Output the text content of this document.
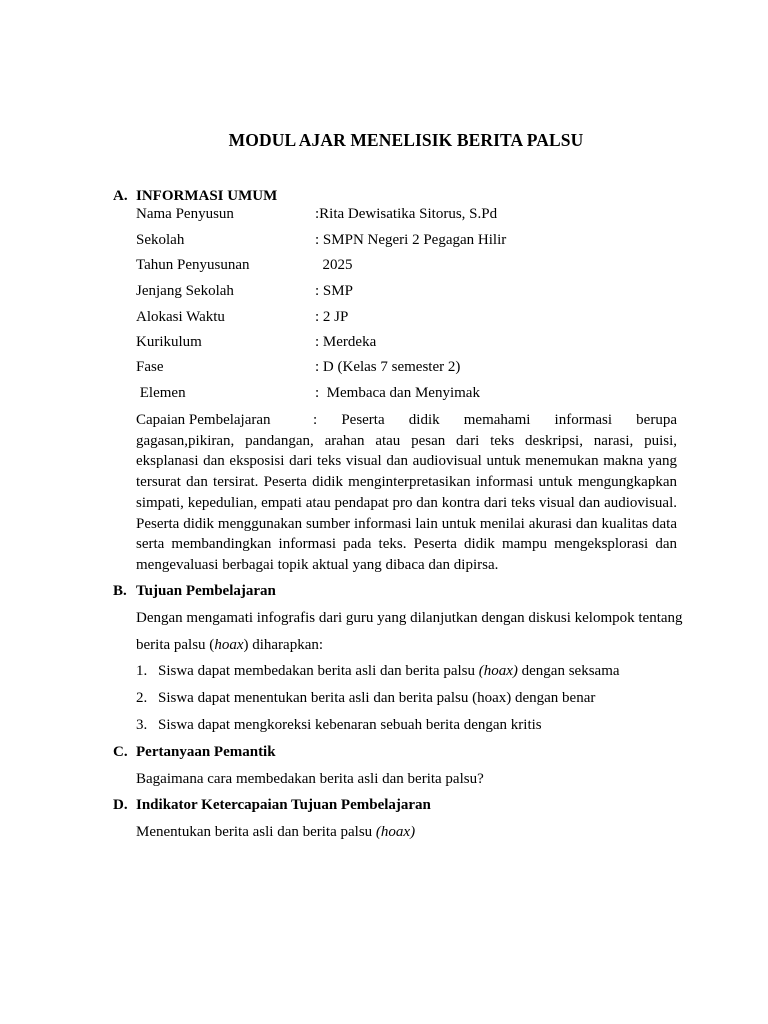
MODUL AJAR MENELISIK BERITA PALSU
A. INFORMASI UMUM
Nama Penyusun	:Rita Dewisatika Sitorus, S.Pd
Sekolah	: SMPN Negeri 2 Pegagan Hilir
Tahun Penyusunan	2025
Jenjang Sekolah	: SMP
Alokasi Waktu	: 2 JP
Kurikulum	: Merdeka
Fase	: D (Kelas 7 semester 2)
Elemen	:  Membaca dan Menyimak
Capaian Pembelajaran	: Peserta didik memahami informasi berupa gagasan,pikiran, pandangan, arahan atau pesan dari teks deskripsi, narasi, puisi, eksplanasi dan eksposisi dari teks visual dan audiovisual untuk menemukan makna yang tersurat dan tersirat. Peserta didik menginterpretasikan informasi untuk mengungkapkan simpati, kepedulian, empati atau pendapat pro dan kontra dari teks visual dan audiovisual. Peserta didik menggunakan sumber informasi lain untuk menilai akurasi dan kualitas data serta membandingkan informasi pada teks. Peserta didik mampu mengeksplorasi dan mengevaluasi berbagai topik aktual yang dibaca dan dipirsa.
B. Tujuan Pembelajaran
Dengan mengamati infografis dari guru yang dilanjutkan dengan diskusi kelompok tentang
berita palsu (hoax) diharapkan:
1. Siswa dapat membedakan berita asli dan berita palsu (hoax) dengan seksama
2. Siswa dapat menentukan berita asli dan berita palsu (hoax) dengan benar
3. Siswa dapat mengkoreksi kebenaran sebuah berita dengan kritis
C. Pertanyaan Pemantik
Bagaimana cara membedakan berita asli dan berita palsu?
D. Indikator Ketercapaian Tujuan Pembelajaran
Menentukan berita asli dan berita palsu (hoax)
